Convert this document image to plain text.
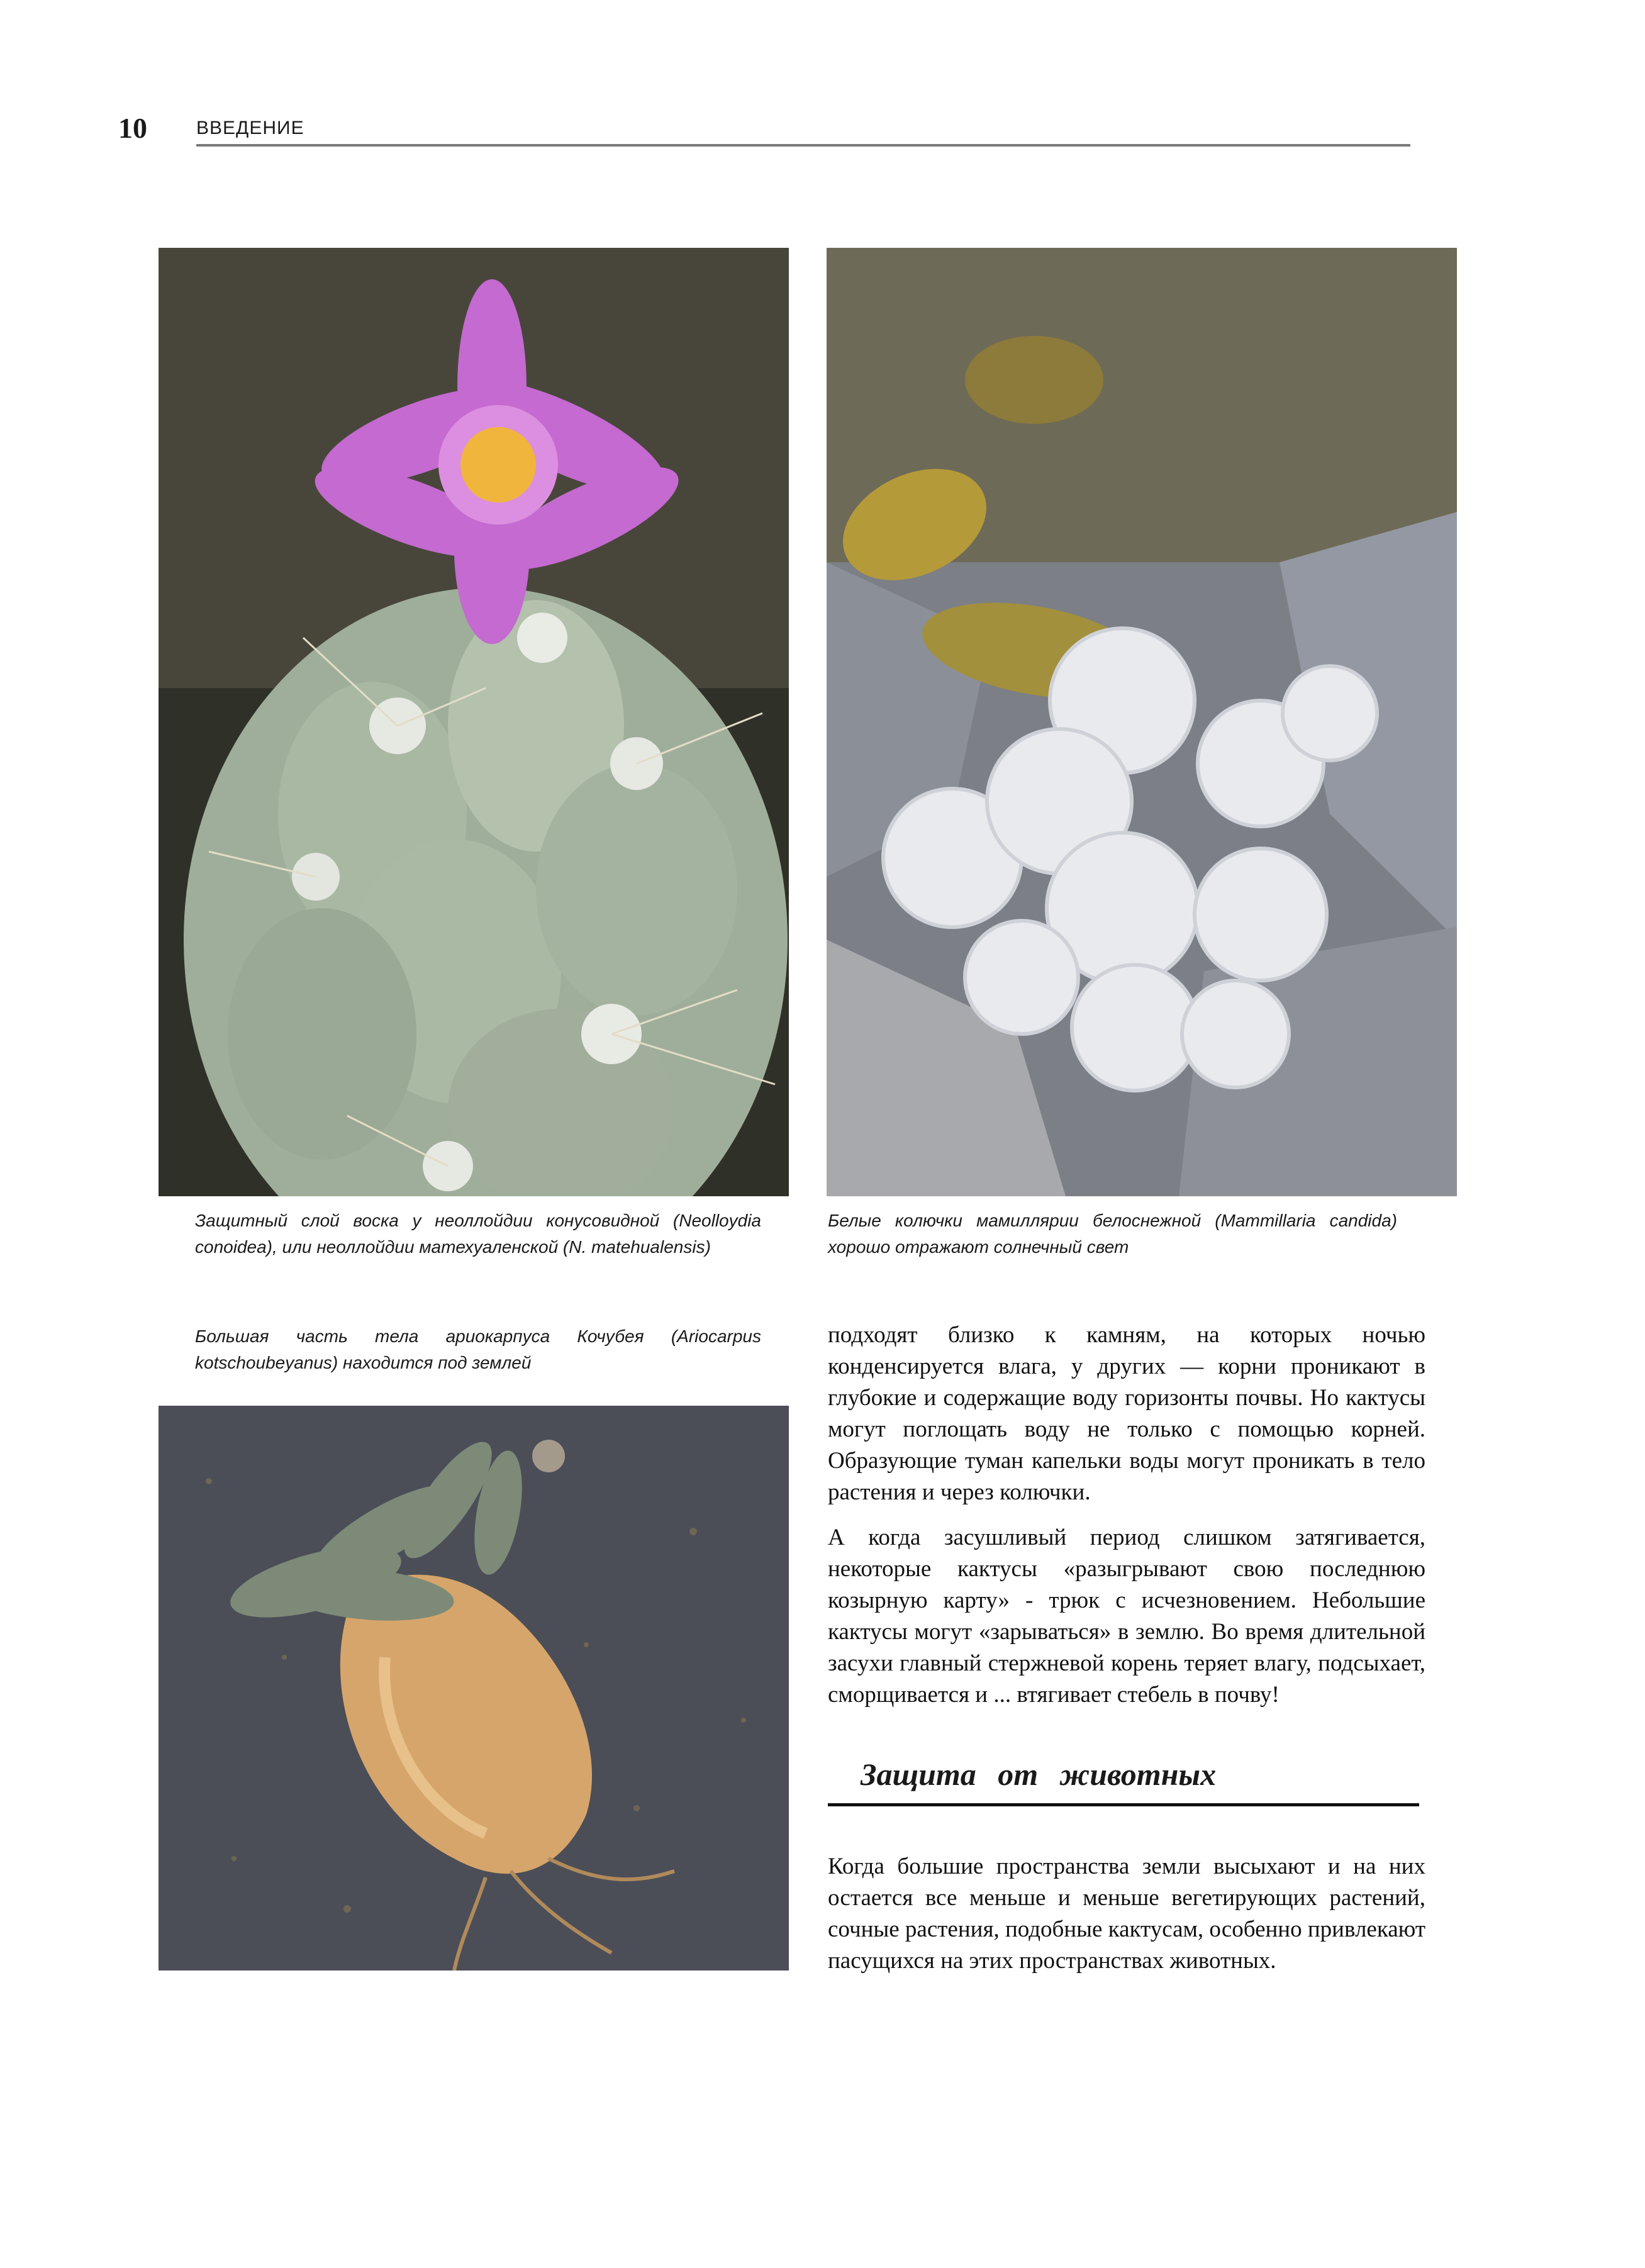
10	ВВЕДЕНИЕ
Защитный слой воска у неоллойдии конусовидной (Neolloydia conoidea), или неоллойдии матехуаленской (N. matehualensis)
Белые колючки мамиллярии белоснежной (Mammillaria candida) хорошо отражают солнечный свет
Большая часть тела ариокарпуса Кочубея (Ariocarpus kotschoubeyanus) находится под землей
подходят близко к камням, на которых ночью конденсируется влага, у других — корни проникают в глубокие и содержащие воду горизонты почвы. Но кактусы могут поглощать воду не только с помощью корней. Образующие туман капельки воды могут проникать в тело растения и через колючки.
А когда засушливый период слишком затягивается, некоторые кактусы «разыгрывают свою последнюю козырную карту» - трюк с исчезновением. Небольшие кактусы могут «зарываться» в землю. Во время длительной засухи главный стержневой корень теряет влагу, подсыхает, сморщивается и ... втягивает стебель в почву!
Защита от животных
Когда большие пространства земли высыхают и на них остается все меньше и меньше вегетирующих растений, сочные растения, подобные кактусам, особенно привлекают пасущихся на этих пространствах животных.
